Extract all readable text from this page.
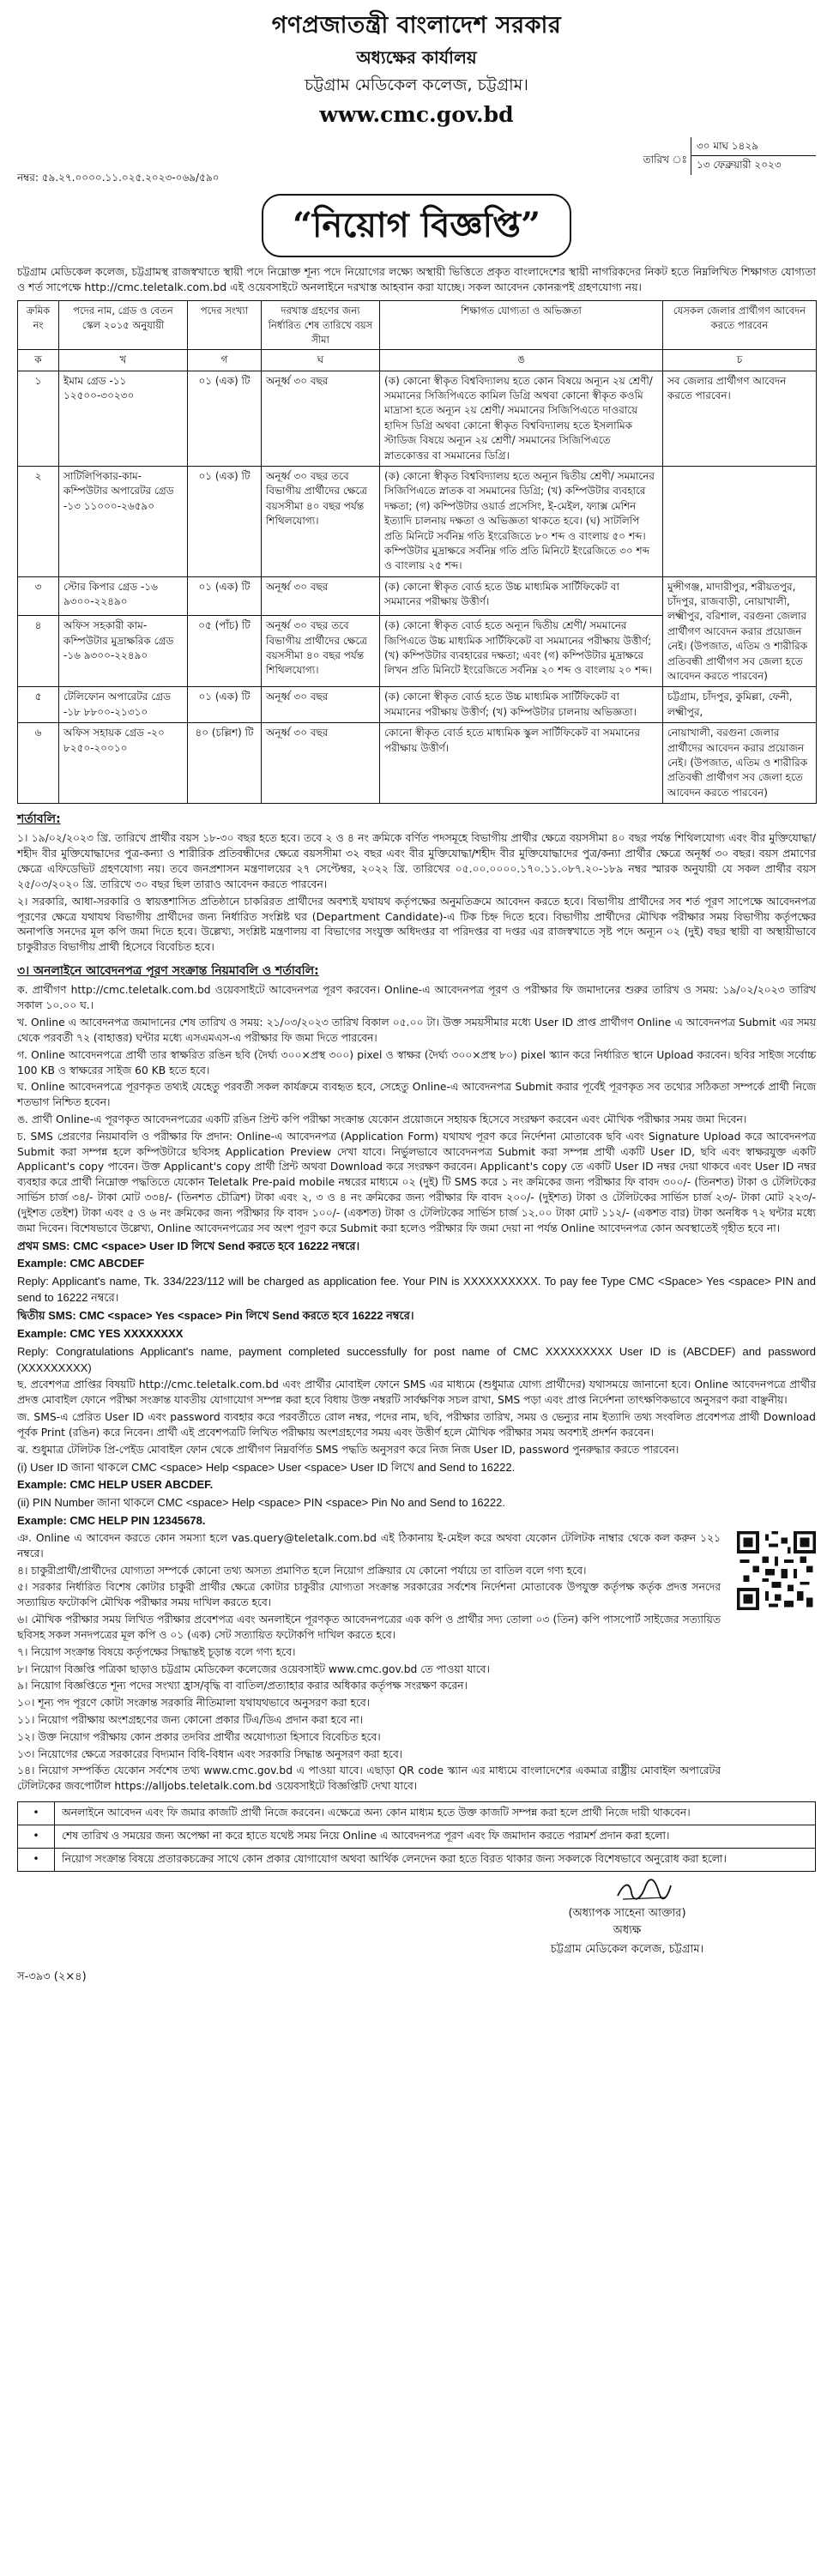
গণপ্রজাতন্ত্রী বাংলাদেশ সরকার
অধ্যক্ষের কার্যালয়
চট্টগ্রাম মেডিকেল কলেজ, চট্টগ্রাম।
www.cmc.gov.bd
নম্বর: ৫৯.২৭.০০০০.১১.০২৫.২০২৩-০৬৯/৫৯০
তারিখ ঃ
৩০ মাঘ ১৪২৯
১৩ ফেব্রুয়ারী ২০২৩
“নিয়োগ বিজ্ঞপ্তি”
চট্টগ্রাম মেডিকেল কলেজ, চট্টগ্রামস্থ রাজস্বখাতে স্থায়ী পদে নিম্নোক্ত শূন্য পদে নিয়োগের লক্ষ্যে অস্থায়ী ভিত্তিতে প্রকৃত বাংলাদেশের স্থায়ী নাগরিকদের নিকট হতে নিম্নলিখিত শিক্ষাগত যোগ্যতা ও শর্ত সাপেক্ষে http://cmc.teletalk.com.bd এই ওয়েবসাইটে অনলাইনে দরখাস্ত আহবান করা যাচ্ছে। সকল আবেদন কোনরূপই গ্রহণযোগ্য নয়।
ক্রমিক নং	পদের নাম, গ্রেড ও বেতন স্কেল ২০১৫ অনুযায়ী	পদের সংখ্যা	দরখাস্ত গ্রহণের জন্য নির্ধারিত শেষ তারিখে বয়স সীমা	শিক্ষাগত যোগ্যতা ও অভিজ্ঞতা	যেসকল জেলার প্রার্থীগণ আবেদন করতে পারবেন
ক	খ	গ	ঘ	ঙ	চ
১	ইমাম গ্রেড -১১ ১২৫০০-৩০২৩০	০১ (এক) টি	অনূর্ধ্ব ৩০ বছর	(ক) কোনো স্বীকৃত বিশ্ববিদ্যালয় হতে কোন বিষয়ে অন্যূন ২য় শ্রেণী/ সমমানের সিজিপিএতে কামিল ডিগ্রি অথবা কোনো স্বীকৃত কওমি মাদ্রাসা হতে অন্যূন ২য় শ্রেণী/ সমমানের সিজিপিএতে দাওরায়ে হাদিস ডিগ্রি অথবা কোনো স্বীকৃত বিশ্ববিদ্যালয় হতে ইসলামিক স্টাডিজ বিষয়ে অন্যূন ২য় শ্রেণী/ সমমানের সিজিপিএতে স্নাতকোত্তর বা সমমানের ডিগ্রি।	সব জেলার প্রার্থীগণ আবেদন করতে পারবেন।
২	সাটিলিপিকার-কাম-কম্পিউটার অপারেটর গ্রেড -১৩ ১১০০০-২৬৫৯০	০১ (এক) টি	অনূর্ধ্ব ৩০ বছর তবে বিভাগীয় প্রার্থীদের ক্ষেত্রে বয়সসীমা ৪০ বছর পর্যন্ত শিথিলযোগ্য।	(ক) কোনো স্বীকৃত বিশ্ববিদ্যালয় হতে অন্যূন দ্বিতীয় শ্রেণী/ সমমানের সিজিপিএতে স্নাতক বা সমমানের ডিগ্রি; (খ) কম্পিউটার ব্যবহারে দক্ষতা; (গ) কম্পিউটার ওয়ার্ড প্রসেসিং, ই-মেইল, ফ্যাক্স মেশিন ইত্যাদি চালনায় দক্ষতা ও অভিজ্ঞতা থাকতে হবে। (ঘ) সাটলিপি প্রতি মিনিটে সর্বনিম্ন গতি ইংরেজিতে ৮০ শব্দ ও বাংলায় ৫০ শব্দ। কম্পিউটার মুদ্রাক্ষরে সর্বনিম্ন গতি প্রতি মিনিটে ইংরেজিতে ৩০ শব্দ ও বাংলায় ২৫ শব্দ।	
৩	স্টোর কিপার গ্রেড -১৬ ৯৩০০-২২৪৯০	০১ (এক) টি	অনূর্ধ্ব ৩০ বছর	(ক) কোনো স্বীকৃত বোর্ড হতে উচ্চ মাধ্যমিক সার্টিফিকেট বা সমমানের পরীক্ষায় উত্তীর্ণ।	মুন্সীগঞ্জ, মাদারীপুর, শরীয়তপুর, চাঁদপুর, রাজবাড়ী, নোয়াখালী, লক্ষ্মীপুর, বরিশাল, বরগুনা জেলার প্রার্থীগণ আবেদন করার প্রয়োজন নেই। (উপজাত, এতিম ও শারীরিক প্রতিবন্ধী প্রার্থীগণ সব জেলা হতে আবেদন করতে পারবেন)
৪	অফিস সহকারী কাম-কম্পিউটার মুদ্রাক্ষরিক গ্রেড -১৬ ৯৩০০-২২৪৯০	০৫ (পাঁচ) টি	অনূর্ধ্ব ৩০ বছর তবে বিভাগীয় প্রার্থীদের ক্ষেত্রে বয়সসীমা ৪০ বছর পর্যন্ত শিথিলযোগ্য।	(ক) কোনো স্বীকৃত বোর্ড হতে অন্যূন দ্বিতীয় শ্রেণী/ সমমানের জিপিএতে উচ্চ মাধ্যমিক সার্টিফিকেট বা সমমানের পরীক্ষায় উত্তীর্ণ; (খ) কম্পিউটার ব্যবহারের দক্ষতা; এবং (গ) কম্পিউটার মুদ্রাক্ষরে লিখন প্রতি মিনিটে ইংরেজিতে সর্বনিম্ন ২০ শব্দ ও বাংলায় ২০ শব্দ।	
৫	টেলিফোন অপারেটর গ্রেড -১৮ ৮৮০০-২১৩১০	০১ (এক) টি	অনূর্ধ্ব ৩০ বছর	(ক) কোনো স্বীকৃত বোর্ড হতে উচ্চ মাধ্যমিক সার্টিফিকেট বা সমমানের পরীক্ষায় উত্তীর্ণ; (খ) কম্পিউটার চালনায় অভিজ্ঞতা।	চট্টগ্রাম, চাঁদপুর, কুমিল্লা, ফেনী, লক্ষ্মীপুর,
৬	অফিস সহায়ক গ্রেড -২০ ৮২৫০-২০০১০	৪০ (চল্লিশ) টি	অনূর্ধ্ব ৩০ বছর	কোনো স্বীকৃত বোর্ড হতে মাধ্যমিক স্কুল সার্টিফিকেট বা সমমানের পরীক্ষায় উত্তীর্ণ।	নোয়াখালী, বরগুনা জেলার প্রার্থীদের আবেদন করার প্রয়োজন নেই। (উপজাত, এতিম ও শারীরিক প্রতিবন্ধী প্রার্থীগণ সব জেলা হতে আবেদন করতে পারবেন)
শর্তাবলি:
১। ১৯/০২/২০২৩ খ্রি. তারিখে প্রার্থীর বয়স ১৮-৩০ বছর হতে হবে। তবে ২ ও ৪ নং ক্রমিকে বর্ণিত পদসমূহে বিভাগীয় প্রার্থীর ক্ষেত্রে বয়সসীমা ৪০ বছর পর্যন্ত শিথিলযোগ্য এবং বীর মুক্তিযোদ্ধা/শহীদ বীর মুক্তিযোদ্ধাদের পুত্র-কন্যা ও শারীরিক প্রতিবন্ধীদের ক্ষেত্রে বয়সসীমা ৩২ বছর এবং বীর মুক্তিযোদ্ধা/শহীদ বীর মুক্তিযোদ্ধাদের পুত্র/কন্যা প্রার্থীর ক্ষেত্রে অনূর্ধ্ব ৩০ বছর। বয়স প্রমাণের ক্ষেত্রে এফিডেভিট গ্রহণযোগ্য নয়। তবে জনপ্রশাসন মন্ত্রণালয়ের ২৭ সেপ্টেম্বর, ২০২২ খ্রি. তারিখের ০৫.০০.০০০০.১৭০.১১.০৮৭.২০-১৮৯ নম্বর স্মারক অনুযায়ী যে সকল প্রার্থীর বয়স ২৫/০৩/২০২০ খ্রি. তারিখে ৩০ বছর ছিল তারাও আবেদন করতে পারবেন।
২। সরকারি, আধা-সরকারি ও স্বায়ত্তশাসিত প্রতিষ্ঠানে চাকরিরত প্রার্থীদের অবশ্যই যথাযথ কর্তৃপক্ষের অনুমতিক্রমে আবেদন করতে হবে। বিভাগীয় প্রার্থীদের সব শর্ত পূরণ সাপেক্ষে আবেদনপত্র পূরণের ক্ষেত্রে যথাযথ বিভাগীয় প্রার্থীদের জন্য নির্ধারিত সংশ্লিষ্ট ঘর (Department Candidate)-এ টিক চিহ্ন দিতে হবে। বিভাগীয় প্রার্থীদের মৌখিক পরীক্ষার সময় বিভাগীয় কর্তৃপক্ষের অনাপত্তি সনদের মূল কপি জমা দিতে হবে। উল্লেখ্য, সংশ্লিষ্ট মন্ত্রণালয় বা বিভাগের সংযুক্ত অধিদপ্তর বা পরিদপ্তর বা দপ্তর এর রাজস্বখাতে সৃষ্ট পদে অন্যূন ০২ (দুই) বছর স্থায়ী বা অস্থায়ীভাবে চাকুরীরত বিভাগীয় প্রার্থী হিসেবে বিবেচিত হবে।
৩। অনলাইনে আবেদনপত্র পূরণ সংক্রান্ত নিয়মাবলি ও শর্তাবলি:
ক. প্রার্থীগণ http://cmc.teletalk.com.bd ওয়েবসাইটে আবেদনপত্র পূরণ করবেন। Online-এ আবেদনপত্র পূরণ ও পরীক্ষার ফি জমাদানের শুরুর তারিখ ও সময়: ১৯/০২/২০২৩ তারিখ সকাল ১০.০০ ঘ.।
খ. Online এ আবেদনপত্র জমাদানের শেষ তারিখ ও সময়: ২১/০৩/২০২৩ তারিখ বিকাল ০৫.০০ টা। উক্ত সময়সীমার মধ্যে User ID প্রাপ্ত প্রার্থীগণ Online এ আবেদনপত্র Submit এর সময় থেকে পরবর্তী ৭২ (বাহাত্তর) ঘন্টার মধ্যে এসএমএস-এ পরীক্ষার ফি জমা দিতে পারবেন।
গ. Online আবেদনপত্রে প্রার্থী তার স্বাক্ষরিত রঙিন ছবি (দৈর্ঘ্য ৩০০×প্রস্থ ৩০০) pixel ও স্বাক্ষর (দৈর্ঘ্য ৩০০×প্রস্থ ৮০) pixel স্ক্যান করে নির্ধারিত স্থানে Upload করবেন। ছবির সাইজ সর্বোচ্চ 100 KB ও স্বাক্ষরের সাইজ 60 KB হতে হবে।
ঘ. Online আবেদনপত্রে পূরণকৃত তথ্যই যেহেতু পরবর্তী সকল কার্যক্রমে ব্যবহৃত হবে, সেহেতু Online-এ আবেদনপত্র Submit করার পূর্বেই পূরণকৃত সব তথ্যের সঠিকতা সম্পর্কে প্রার্থী নিজে শতভাগ নিশ্চিত হবেন।
ঙ. প্রার্থী Online-এ পূরণকৃত আবেদনপত্রের একটি রঙিন প্রিন্ট কপি পরীক্ষা সংক্রান্ত যেকোন প্রয়োজনে সহায়ক হিসেবে সংরক্ষণ করবেন এবং মৌখিক পরীক্ষার সময় জমা দিবেন।
চ. SMS প্রেরণের নিয়মাবলি ও পরীক্ষার ফি প্রদান: Online-এ আবেদনপত্র (Application Form) যথাযথ পূরণ করে নির্দেশনা মোতাবেক ছবি এবং Signature Upload করে আবেদনপত্র Submit করা সম্পন্ন হলে কম্পিউটারে ছবিসহ Application Preview দেখা যাবে। নির্ভুলভাবে আবেদনপত্র Submit করা সম্পন্ন প্রার্থী একটি User ID, ছবি এবং স্বাক্ষরযুক্ত একটি Applicant's copy পাবেন। উক্ত Applicant's copy প্রার্থী প্রিন্ট অথবা Download করে সংরক্ষণ করবেন। Applicant's copy তে একটি User ID নম্বর দেয়া থাকবে এবং User ID নম্বর ব্যবহার করে প্রার্থী নিম্নোক্ত পদ্ধতিতে যেকোন Teletalk Pre-paid mobile নম্বরের মাধ্যমে ০২ (দুই) টি SMS করে ১ নং ক্রমিকের জন্য পরীক্ষার ফি বাবদ ৩০০/- (তিনশত) টাকা ও টেলিটকের সার্ভিস চার্জ ৩৪/- টাকা মোট ৩৩৪/- (তিনশত চৌত্রিশ) টাকা এবং ২, ৩ ও ৪ নং ক্রমিকের জন্য পরীক্ষার ফি বাবদ ২০০/- (দুইশত) টাকা ও টেলিটকের সার্ভিস চার্জ ২৩/- টাকা মোট ২২৩/- (দুইশত তেইশ) টাকা এবং ৫ ও ৬ নং ক্রমিকের জন্য পরীক্ষার ফি বাবদ ১০০/- (একশত) টাকা ও টেলিটকের সার্ভিস চার্জ ১২.০০ টাকা মোট ১১২/- (একশত বার) টাকা অনধিক ৭২ ঘন্টার মধ্যে জমা দিবেন। বিশেষভাবে উল্লেখ্য, Online আবেদনপত্রের সব অংশ পূরণ করে Submit করা হলেও পরীক্ষার ফি জমা দেয়া না পর্যন্ত Online আবেদনপত্র কোন অবস্থাতেই গৃহীত হবে না।
প্রথম SMS: CMC <space> User ID লিখে Send করতে হবে 16222 নম্বরে।
Example: CMC ABCDEF
Reply: Applicant's name, Tk. 334/223/112 will be charged as application fee. Your PIN is XXXXXXXXXX. To pay fee Type CMC <Space> Yes <space> PIN and send to 16222 নম্বরে।
দ্বিতীয় SMS: CMC <space> Yes <space> Pin লিখে Send করতে হবে 16222 নম্বরে।
Example: CMC YES XXXXXXXX
Reply: Congratulations Applicant's name, payment completed successfully for post name of CMC XXXXXXXXX User ID is (ABCDEF) and password (XXXXXXXXX)
ছ. প্রবেশপত্র প্রাপ্তির বিষয়টি http://cmc.teletalk.com.bd এবং প্রার্থীর মোবাইল ফোনে SMS এর মাধ্যমে (শুধুমাত্র যোগ্য প্রার্থীদের) যথাসময়ে জানানো হবে। Online আবেদনপত্রে প্রার্থীর প্রদত্ত মোবাইল ফোনে পরীক্ষা সংক্রান্ত যাবতীয় যোগাযোগ সম্পন্ন করা হবে বিধায় উক্ত নম্বরটি সার্বক্ষণিক সচল রাখা, SMS পড়া এবং প্রাপ্ত নির্দেশনা তাৎক্ষণিকভাবে অনুসরণ করা বাঞ্ছনীয়।
জ. SMS-এ প্রেরিত User ID এবং password ব্যবহার করে পরবর্তীতে রোল নম্বর, পদের নাম, ছবি, পরীক্ষার তারিখ, সময় ও ভেন্যুর নাম ইত্যাদি তথ্য সংবলিত প্রবেশপত্র প্রার্থী Download পূর্বক Print (রঙিন) করে নিবেন। প্রার্থী এই প্রবেশপত্রটি লিখিত পরীক্ষায় অংশগ্রহণের সময় এবং উত্তীর্ণ হলে মৌখিক পরীক্ষার সময় অবশ্যই প্রদর্শন করবেন।
ঝ. শুধুমাত্র টেলিটক প্রি-পেইড মোবাইল ফোন থেকে প্রার্থীগণ নিম্নবর্ণিত SMS পদ্ধতি অনুসরণ করে নিজ নিজ User ID, password পুনরুদ্ধার করতে পারবেন।
(i) User ID জানা থাকলে CMC <space> Help <space> User <space> User ID লিখে and Send to 16222.
Example: CMC HELP USER ABCDEF.
(ii) PIN Number জানা থাকলে CMC <space> Help <space> PIN <space> Pin No and Send to 16222.
Example: CMC HELP PIN 12345678.
ঞ. Online এ আবেদন করতে কোন সমস্যা হলে vas.query@teletalk.com.bd এই ঠিকানায় ই-মেইল করে অথবা যেকোন টেলিটক নাম্বার থেকে কল করুন ১২১ নম্বরে।
৪। চাকুরীপ্রার্থী/প্রার্থীদের যোগ্যতা সম্পর্কে কোনো তথ্য অসত্য প্রমাণিত হলে নিয়োগ প্রক্রিয়ার যে কোনো পর্যায়ে তা বাতিল বলে গণ্য হবে।
৫। সরকার নির্ধারিত বিশেষ কোটার চাকুরী প্রার্থীর ক্ষেত্রে কোটার চাকুরীর যোগ্যতা সংক্রান্ত সরকারের সর্বশেষ নির্দেশনা মোতাবেক উপযুক্ত কর্তৃপক্ষ কর্তৃক প্রদত্ত সনদের সত্যায়িত ফটোকপি মৌখিক পরীক্ষার সময় দাখিল করতে হবে।
৬। মৌখিক পরীক্ষার সময় লিখিত পরীক্ষার প্রবেশপত্র এবং অনলাইনে পূরণকৃত আবেদনপত্রের এক কপি ও প্রার্থীর সদ্য তোলা ০৩ (তিন) কপি পাসপোর্ট সাইজের সত্যায়িত ছবিসহ সকল সনদপত্রের মূল কপি ও ০১ (এক) সেট সত্যায়িত ফটোকপি দাখিল করতে হবে।
৭। নিয়োগ সংক্রান্ত বিষয়ে কর্তৃপক্ষের সিদ্ধান্তই চূড়ান্ত বলে গণ্য হবে।
৮। নিয়োগ বিজ্ঞপ্তি পত্রিকা ছাড়াও চট্টগ্রাম মেডিকেল কলেজের ওয়েবসাইট www.cmc.gov.bd তে পাওয়া যাবে।
৯। নিয়োগ বিজ্ঞপ্তিতে শূন্য পদের সংখ্যা হ্রাস/বৃদ্ধি বা বাতিল/প্রত্যাহার করার অধিকার কর্তৃপক্ষ সংরক্ষণ করেন।
১০। শূন্য পদ পূরণে কোটা সংক্রান্ত সরকারি নীতিমালা যথাযথভাবে অনুসরণ করা হবে।
১১। নিয়োগ পরীক্ষায় অংশগ্রহণের জন্য কোনো প্রকার টিএ/ডিএ প্রদান করা হবে না।
১২। উক্ত নিয়োগ পরীক্ষায় কোন প্রকার তদবির প্রার্থীর অযোগ্যতা হিসাবে বিবেচিত হবে।
১৩। নিয়োগের ক্ষেত্রে সরকারের বিদ্যমান বিধি-বিধান এবং সরকারি সিদ্ধান্ত অনুসরণ করা হবে।
১৪। নিয়োগ সম্পর্কিত যেকোন সর্বশেষ তথ্য www.cmc.gov.bd এ পাওয়া যাবে। এছাড়া QR code স্ক্যান এর মাধ্যমে বাংলাদেশের একমাত্র রাষ্ট্রীয় মোবাইল অপারেটর টেলিটকের জবপোর্টাল https://alljobs.teletalk.com.bd ওয়েবসাইটে বিজ্ঞপ্তিটি দেখা যাবে।
•	অনলাইনে আবেদন এবং ফি জমার কাজটি প্রার্থী নিজে করবেন। এক্ষেত্রে অন্য কোন মাধ্যম হতে উক্ত কাজটি সম্পন্ন করা হলে প্রার্থী নিজে দায়ী থাকবেন।
•	শেষ তারিখ ও সময়ের জন্য অপেক্ষা না করে হাতে যথেষ্ট সময় নিয়ে Online এ আবেদনপত্র পূরণ এবং ফি জমাদান করতে পরামর্শ প্রদান করা হলো।
•	নিয়োগ সংক্রান্ত বিষয়ে প্রতারকচক্রের সাথে কোন প্রকার যোগাযোগ অথবা আর্থিক লেনদেন করা হতে বিরত থাকার জন্য সকলকে বিশেষভাবে অনুরোধ করা হলো।
(অধ্যাপক সাহেনা আক্তার)
অধ্যক্ষ
চট্টগ্রাম মেডিকেল কলেজ, চট্টগ্রাম।
স-৩৯৩ (২×৪)
